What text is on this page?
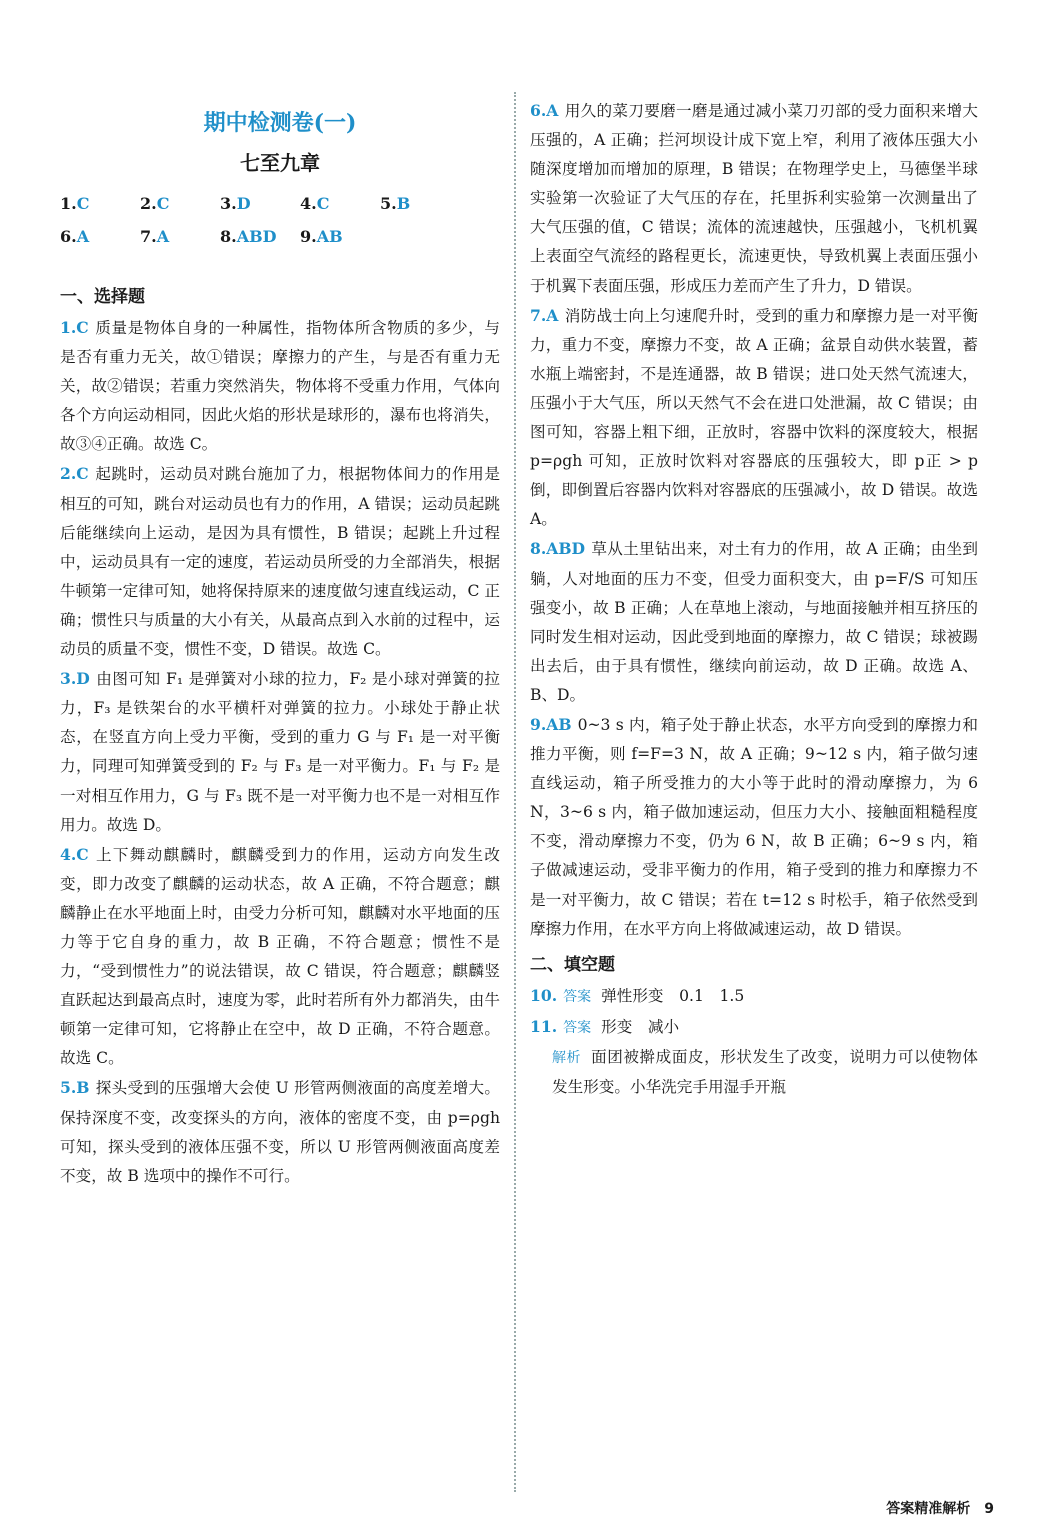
期中检测卷(一)
七至九章
1.C	2.C	3.D	4.C	5.B
6.A	7.A	8.ABD	9.AB
一、选择题

1.C 质量是物体自身的一种属性，指物体所含物质的多少，与是否有重力无关，故①错误；摩擦力的产生，与是否有重力无关，故②错误；若重力突然消失，物体将不受重力作用，气体向各个方向运动相同，因此火焰的形状是球形的，瀑布也将消失，故③④正确。故选 C。

2.C 起跳时，运动员对跳台施加了力，根据物体间力的作用是相互的可知，跳台对运动员也有力的作用，A 错误；运动员起跳后能继续向上运动，是因为具有惯性，B 错误；起跳上升过程中，运动员具有一定的速度，若运动员所受的力全部消失，根据牛顿第一定律可知，她将保持原来的速度做匀速直线运动，C 正确；惯性只与质量的大小有关，从最高点到入水前的过程中，运动员的质量不变，惯性不变，D 错误。故选 C。

3.D 由图可知 F₁ 是弹簧对小球的拉力，F₂ 是小球对弹簧的拉力，F₃ 是铁架台的水平横杆对弹簧的拉力。小球处于静止状态，在竖直方向上受力平衡，受到的重力 G 与 F₁ 是一对平衡力，同理可知弹簧受到的 F₂ 与 F₃ 是一对平衡力。F₁ 与 F₂ 是一对相互作用力，G 与 F₃ 既不是一对平衡力也不是一对相互作用力。故选 D。

4.C 上下舞动麒麟时，麒麟受到力的作用，运动方向发生改变，即力改变了麒麟的运动状态，故 A 正确，不符合题意；麒麟静止在水平地面上时，由受力分析可知，麒麟对水平地面的压力等于它自身的重力，故 B 正确，不符合题意；惯性不是力，“受到惯性力”的说法错误，故 C 错误，符合题意；麒麟竖直跃起达到最高点时，速度为零，此时若所有外力都消失，由牛顿第一定律可知，它将静止在空中，故 D 正确，不符合题意。故选 C。

5.B 探头受到的压强增大会使 U 形管两侧液面的高度差增大。保持深度不变，改变探头的方向，液体的密度不变，由 p=ρgh 可知，探头受到的液体压强不变，所以 U 形管两侧液面高度差不变，故 B 选项中的操作不可行。

6.A 用久的菜刀要磨一磨是通过减小菜刀刃部的受力面积来增大压强的，A 正确；拦河坝设计成下宽上窄，利用了液体压强大小随深度增加而增加的原理，B 错误；在物理学史上，马德堡半球实验第一次验证了大气压的存在，托里拆利实验第一次测量出了大气压强的值，C 错误；流体的流速越快，压强越小，飞机机翼上表面空气流经的路程更长，流速更快，导致机翼上表面压强小于机翼下表面压强，形成压力差而产生了升力，D 错误。

7.A 消防战士向上匀速爬升时，受到的重力和摩擦力是一对平衡力，重力不变，摩擦力不变，故 A 正确；盆景自动供水装置，蓄水瓶上端密封，不是连通器，故 B 错误；进口处天然气流速大，压强小于大气压，所以天然气不会在进口处泄漏，故 C 错误；由图可知，容器上粗下细，正放时，容器中饮料的深度较大，根据 p=ρgh 可知，正放时饮料对容器底的压强较大，即 p正 > p倒，即倒置后容器内饮料对容器底的压强减小，故 D 错误。故选 A。

8.ABD 草从土里钻出来，对土有力的作用，故 A 正确；由坐到躺，人对地面的压力不变，但受力面积变大，由 p=F/S 可知压强变小，故 B 正确；人在草地上滚动，与地面接触并相互挤压的同时发生相对运动，因此受到地面的摩擦力，故 C 错误；球被踢出去后，由于具有惯性，继续向前运动，故 D 正确。故选 A、B、D。

9.AB 0~3 s 内，箱子处于静止状态，水平方向受到的摩擦力和推力平衡，则 f=F=3 N，故 A 正确；9~12 s 内，箱子做匀速直线运动，箱子所受推力的大小等于此时的滑动摩擦力，为 6 N，3~6 s 内，箱子做加速运动，但压力大小、接触面粗糙程度不变，滑动摩擦力不变，仍为 6 N，故 B 正确；6~9 s 内，箱子做减速运动，受非平衡力的作用，箱子受到的推力和摩擦力不是一对平衡力，故 C 错误；若在 t=12 s 时松手，箱子依然受到摩擦力作用，在水平方向上将做减速运动，故 D 错误。

二、填空题

10. 答案 弹性形变　0.1　1.5

11. 答案 形变　减小

解析 面团被擀成面皮，形状发生了改变，说明力可以使物体发生形变。小华洗完手用湿手开瓶

答案精准解析 9
